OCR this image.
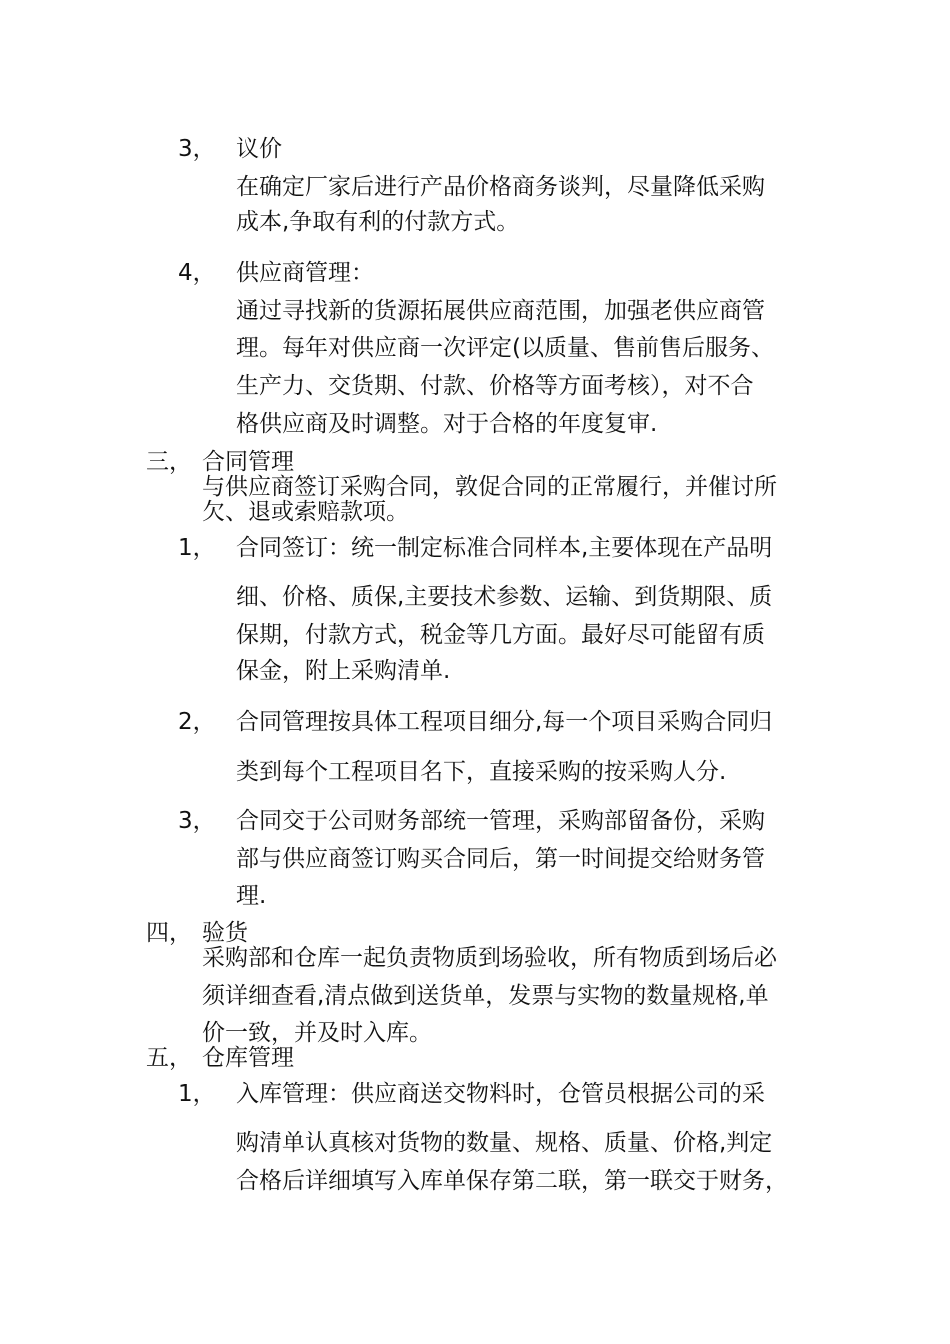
3， 议价
在确定厂家后进行产品价格商务谈判，尽量降低采购
成本,争取有利的付款方式。
4， 供应商管理：
通过寻找新的货源拓展供应商范围，加强老供应商管
理。每年对供应商一次评定(以质量、售前售后服务、
生产力、交货期、付款、价格等方面考核），对不合
格供应商及时调整。对于合格的年度复审.
三， 合同管理
与供应商签订采购合同，敦促合同的正常履行，并催讨所
欠、退或索赔款项。
1， 合同签订：统一制定标准合同样本,主要体现在产品明
细、价格、质保,主要技术参数、运输、到货期限、质
保期，付款方式，税金等几方面。最好尽可能留有质
保金，附上采购清单.
2， 合同管理按具体工程项目细分,每一个项目采购合同归
类到每个工程项目名下，直接采购的按采购人分.
3， 合同交于公司财务部统一管理，采购部留备份，采购
部与供应商签订购买合同后，第一时间提交给财务管
理.
四， 验货
采购部和仓库一起负责物质到场验收，所有物质到场后必
须详细查看,清点做到送货单，发票与实物的数量规格,单
价一致，并及时入库。
五， 仓库管理
1， 入库管理：供应商送交物料时，仓管员根据公司的采
购清单认真核对货物的数量、规格、质量、价格,判定
合格后详细填写入库单保存第二联，第一联交于财务，
